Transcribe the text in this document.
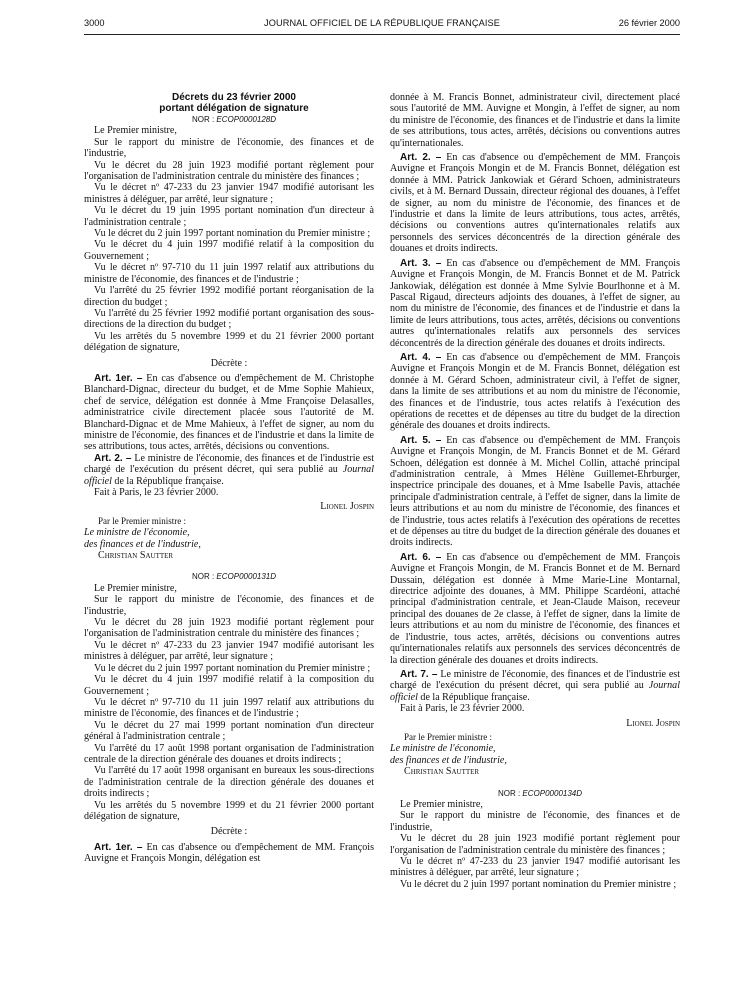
3000	JOURNAL OFFICIEL DE LA RÉPUBLIQUE FRANÇAISE	26 février 2000

Décrets du 23 février 2000

portant délégation de signature

NOR : ECOP0000128D

Le Premier ministre,

Sur le rapport du ministre de l'économie, des finances et de l'industrie,

Vu le décret du 28 juin 1923 modifié portant règlement pour l'organisation de l'administration centrale du ministère des finances ;

Vu le décret nº 47-233 du 23 janvier 1947 modifié autorisant les ministres à déléguer, par arrêté, leur signature ;

Vu le décret du 19 juin 1995 portant nomination d'un directeur à l'administration centrale ;

Vu le décret du 2 juin 1997 portant nomination du Premier ministre ;

Vu le décret du 4 juin 1997 modifié relatif à la composition du Gouvernement ;

Vu le décret nº 97-710 du 11 juin 1997 relatif aux attributions du ministre de l'économie, des finances et de l'industrie ;

Vu l'arrêté du 25 février 1992 modifié portant réorganisation de la direction du budget ;

Vu l'arrêté du 25 février 1992 modifié portant organisation des sous-directions de la direction du budget ;

Vu les arrêtés du 5 novembre 1999 et du 21 février 2000 portant délégation de signature,

Décrète :

Art. 1er. – En cas d'absence ou d'empêchement de M. Christophe Blanchard-Dignac, directeur du budget, et de Mme Sophie Mahieux, chef de service, délégation est donnée à Mme Françoise Delasalles, administratrice civile directement placée sous l'autorité de M. Blanchard-Dignac et de Mme Mahieux, à l'effet de signer, au nom du ministre de l'économie, des finances et de l'industrie et dans la limite de ses attributions, tous actes, arrêtés, décisions ou conventions.

Art. 2. – Le ministre de l'économie, des finances et de l'industrie est chargé de l'exécution du présent décret, qui sera publié au Journal officiel de la République française.

Fait à Paris, le 23 février 2000.

Lionel Jospin

Par le Premier ministre :

Le ministre de l'économie,

des finances et de l'industrie,

Christian Sautter

NOR : ECOP0000131D

Le Premier ministre,

Sur le rapport du ministre de l'économie, des finances et de l'industrie,

Vu le décret du 28 juin 1923 modifié portant règlement pour l'organisation de l'administration centrale du ministère des finances ;

Vu le décret nº 47-233 du 23 janvier 1947 modifié autorisant les ministres à déléguer, par arrêté, leur signature ;

Vu le décret du 2 juin 1997 portant nomination du Premier ministre ;

Vu le décret du 4 juin 1997 modifié relatif à la composition du Gouvernement ;

Vu le décret nº 97-710 du 11 juin 1997 relatif aux attributions du ministre de l'économie, des finances et de l'industrie ;

Vu le décret du 27 mai 1999 portant nomination d'un directeur général à l'administration centrale ;

Vu l'arrêté du 17 août 1998 portant organisation de l'administration centrale de la direction générale des douanes et droits indirects ;

Vu l'arrêté du 17 août 1998 organisant en bureaux les sous-directions de l'administration centrale de la direction générale des douanes et droits indirects ;

Vu les arrêtés du 5 novembre 1999 et du 21 février 2000 portant délégation de signature,

Décrète :

Art. 1er. – En cas d'absence ou d'empêchement de MM. François Auvigne et François Mongin, délégation est

donnée à M. Francis Bonnet, administrateur civil, directement placé sous l'autorité de MM. Auvigne et Mongin, à l'effet de signer, au nom du ministre de l'économie, des finances et de l'industrie et dans la limite de ses attributions, tous actes, arrêtés, décisions ou conventions autres qu'internationales.

Art. 2. – En cas d'absence ou d'empêchement de MM. François Auvigne et François Mongin et de M. Francis Bonnet, délégation est donnée à MM. Patrick Jankowiak et Gérard Schoen, administrateurs civils, et à M. Bernard Dussain, directeur régional des douanes, à l'effet de signer, au nom du ministre de l'économie, des finances et de l'industrie et dans la limite de leurs attributions, tous actes, arrêtés, décisions ou conventions autres qu'internationales relatifs aux personnels des services déconcentrés de la direction générale des douanes et droits indirects.

Art. 3. – En cas d'absence ou d'empêchement de MM. François Auvigne et François Mongin, de M. Francis Bonnet et de M. Patrick Jankowiak, délégation est donnée à Mme Sylvie Bourlhonne et à M. Pascal Rigaud, directeurs adjoints des douanes, à l'effet de signer, au nom du ministre de l'économie, des finances et de l'industrie et dans la limite de leurs attributions, tous actes, arrêtés, décisions ou conventions autres qu'internationales relatifs aux personnels des services déconcentrés de la direction générale des douanes et droits indirects.

Art. 4. – En cas d'absence ou d'empêchement de MM. François Auvigne et François Mongin et de M. Francis Bonnet, délégation est donnée à M. Gérard Schoen, administrateur civil, à l'effet de signer, dans la limite de ses attributions et au nom du ministre de l'économie, des finances et de l'industrie, tous actes relatifs à l'exécution des opérations de recettes et de dépenses au titre du budget de la direction générale des douanes et droits indirects.

Art. 5. – En cas d'absence ou d'empêchement de MM. François Auvigne et François Mongin, de M. Francis Bonnet et de M. Gérard Schoen, délégation est donnée à M. Michel Collin, attaché principal d'administration centrale, à Mmes Hélène Guillemet-Ehrburger, inspectrice principale des douanes, et à Mme Isabelle Pavis, attachée principale d'administration centrale, à l'effet de signer, dans la limite de leurs attributions et au nom du ministre de l'économie, des finances et de l'industrie, tous actes relatifs à l'exécution des opérations de recettes et de dépenses au titre du budget de la direction générale des douanes et droits indirects.

Art. 6. – En cas d'absence ou d'empêchement de MM. François Auvigne et François Mongin, de M. Francis Bonnet et de M. Bernard Dussain, délégation est donnée à Mme Marie-Line Montarnal, directrice adjointe des douanes, à MM. Philippe Scardéoni, attaché principal d'administration centrale, et Jean-Claude Maison, receveur principal des douanes de 2e classe, à l'effet de signer, dans la limite de leurs attributions et au nom du ministre de l'économie, des finances et de l'industrie, tous actes, arrêtés, décisions ou conventions autres qu'internationales relatifs aux personnels des services déconcentrés de la direction générale des douanes et droits indirects.

Art. 7. – Le ministre de l'économie, des finances et de l'industrie est chargé de l'exécution du présent décret, qui sera publié au Journal officiel de la République française.

Fait à Paris, le 23 février 2000.

Lionel Jospin

Par le Premier ministre :

Le ministre de l'économie,

des finances et de l'industrie,

Christian Sautter

NOR : ECOP0000134D

Le Premier ministre,

Sur le rapport du ministre de l'économie, des finances et de l'industrie,

Vu le décret du 28 juin 1923 modifié portant règlement pour l'organisation de l'administration centrale du ministère des finances ;

Vu le décret nº 47-233 du 23 janvier 1947 modifié autorisant les ministres à déléguer, par arrêté, leur signature ;

Vu le décret du 2 juin 1997 portant nomination du Premier ministre ;
